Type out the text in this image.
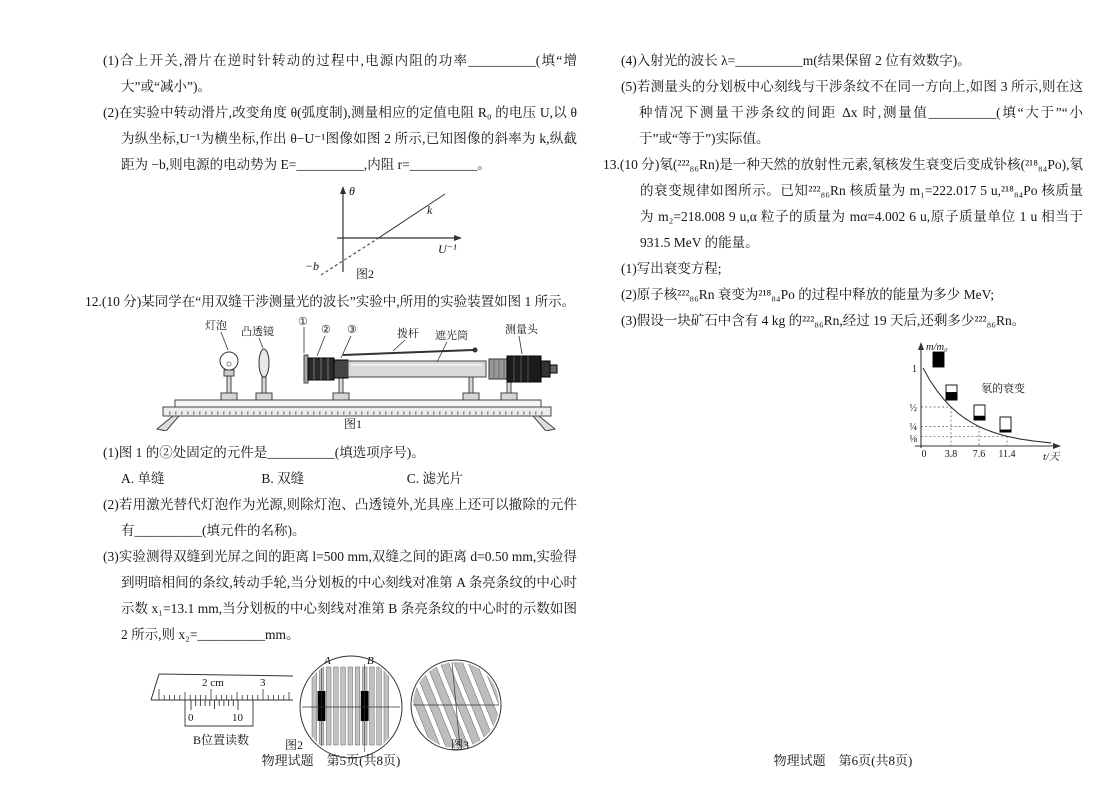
(1)合上开关,滑片在逆时针转动的过程中,电源内阻的功率__________(填“增大”或“减小”)。
(2)在实验中转动滑片,改变角度 θ(弧度制),测量相应的定值电阻 R₀ 的电压 U,以 θ 为纵坐标,U⁻¹为横坐标,作出 θ−U⁻¹图像如图 2 所示,已知图像的斜率为 k,纵截距为 −b,则电源的电动势为 E=__________,内阻 r=__________。
θ
U⁻¹
k
−b
图2
12.(10 分)某同学在“用双缝干涉测量光的波长”实验中,所用的实验装置如图 1 所示。
灯泡 凸透镜
①
② ③	拨杆 遮光筒	测量头
图1
(1)图 1 的②处固定的元件是__________(填选项序号)。
A. 单缝	B. 双缝	C. 滤光片
(2)若用激光替代灯泡作为光源,则除灯泡、凸透镜外,光具座上还可以撤除的元件有__________(填元件的名称)。
(3)实验测得双缝到光屏之间的距离 l=500 mm,双缝之间的距离 d=0.50 mm,实验得到明暗相间的条纹,转动手轮,当分划板的中心刻线对准第 A 条亮条纹的中心时示数 x₁=13.1 mm,当分划板的中心刻线对准第 B 条亮条纹的中心时的示数如图 2 所示,则 x₂=__________mm。
2 cm	3
0	10
B位置读数
A	B
图2	图3
(4)入射光的波长 λ=__________m(结果保留 2 位有效数字)。
(5)若测量头的分划板中心刻线与干涉条纹不在同一方向上,如图 3 所示,则在这种情况下测量干涉条纹的间距 Δx 时,测量值__________(填“大于”“小于”或“等于”)实际值。
13.(10 分)氡(²²²₈₆Rn)是一种天然的放射性元素,氡核发生衰变后变成钋核(²¹⁸₈₄Po),氡的衰变规律如图所示。已知²²²₈₆Rn 核质量为 m₁=222.017 5 u,²¹⁸₈₄Po 核质量为 m₂=218.008 9 u,α 粒子的质量为 mα=4.002 6 u,原子质量单位 1 u 相当于 931.5 MeV 的能量。
(1)写出衰变方程;
(2)原子核²²²₈₆Rn 衰变为²¹⁸₈₄Po 的过程中释放的能量为多少 MeV;
(3)假设一块矿石中含有 4 kg 的²²²₈₆Rn,经过 19 天后,还剩多少²²²₈₆Rn。
m/m₀
t/天
氡的衰变
0 3.8 7.6 11.4
1
½
¼
⅛
物理试题　第5页(共8页)	物理试题　第6页(共8页)
